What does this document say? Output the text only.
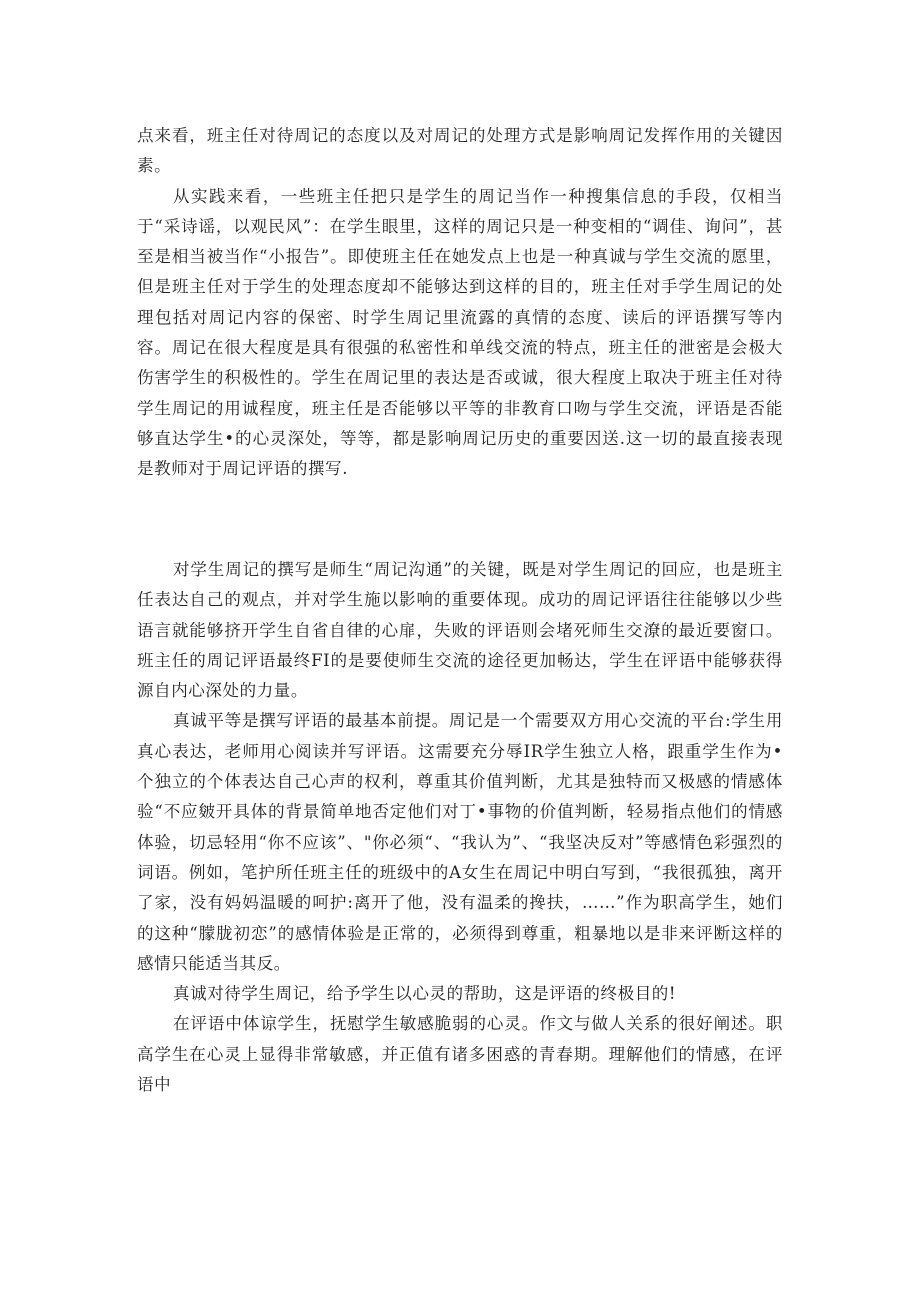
点来看，班主任对待周记的态度以及对周记的处理方式是影响周记发挥作用的关键因素。

从实践来看，一些班主任把只是学生的周记当作一种搜集信息的手段，仅相当于“采诗谣，以观民风”：在学生眼里，这样的周记只是一种变相的“调佳、询问”，甚至是相当被当作“小报告”。即使班主任在她发点上也是一种真诚与学生交流的愿里，但是班主任对于学生的处理态度却不能够达到这样的目的，班主任对手学生周记的处理包括对周记内容的保密、时学生周记里流露的真情的态度、读后的评语撰写等内容。周记在很大程度是具有很强的私密性和单线交流的特点，班主任的泄密是会极大伤害学生的积极性的。学生在周记里的表达是否或诚，很大程度上取决于班主任对待学生周记的用诚程度，班主任是否能够以平等的非教育口吻与学生交流，评语是否能够直达学生•的心灵深处，等等，都是影响周记历史的重要因送.这一切的最直接表现是教师对于周记评语的撰写.

对学生周记的撰写是师生“周记沟通”的关键，既是对学生周记的回应，也是班主任表达自己的观点，并对学生施以影响的重要体现。成功的周记评语往往能够以少些语言就能够挤开学生自省自律的心扉，失败的评语则会堵死师生交潦的最近要窗口。班主任的周记评语最终FI的是要使师生交流的途径更加畅达，学生在评语中能够获得源自内心深处的力量。

真诚平等是撰写评语的最基本前提。周记是一个需要双方用心交流的平台:学生用真心表达，老师用心阅读并写评语。这需要充分辱IR学生独立人格，跟重学生作为•个独立的个体表达自己心声的权利，尊重其价值判断，尤其是独特而又极感的情感体验“不应皴开具体的背景简单地否定他们对丁•事物的价值判断，轻易指点他们的情感体验，切忌轻用“你不应该”、"你必须“、“我认为”、“我坚决反对”等感情色彩强烈的词语。例如，笔护所任班主任的班级中的A女生在周记中明白写到，“我很孤独，离开了家，没有妈妈温暖的呵护:离开了他，没有温柔的搀扶，……”作为职高学生，她们的这种“朦胧初恋”的感情体验是正常的，必须得到尊重，粗暴地以是非来评断这样的感情只能适当其反。

真诚对待学生周记，给予学生以心灵的帮助，这是评语的终极目的!

在评语中体谅学生，抚慰学生敏感脆弱的心灵。作文与做人关系的很好阐述。职高学生在心灵上显得非常敏感，并正值有诸多困惑的青春期。理解他们的情感，在评语中
